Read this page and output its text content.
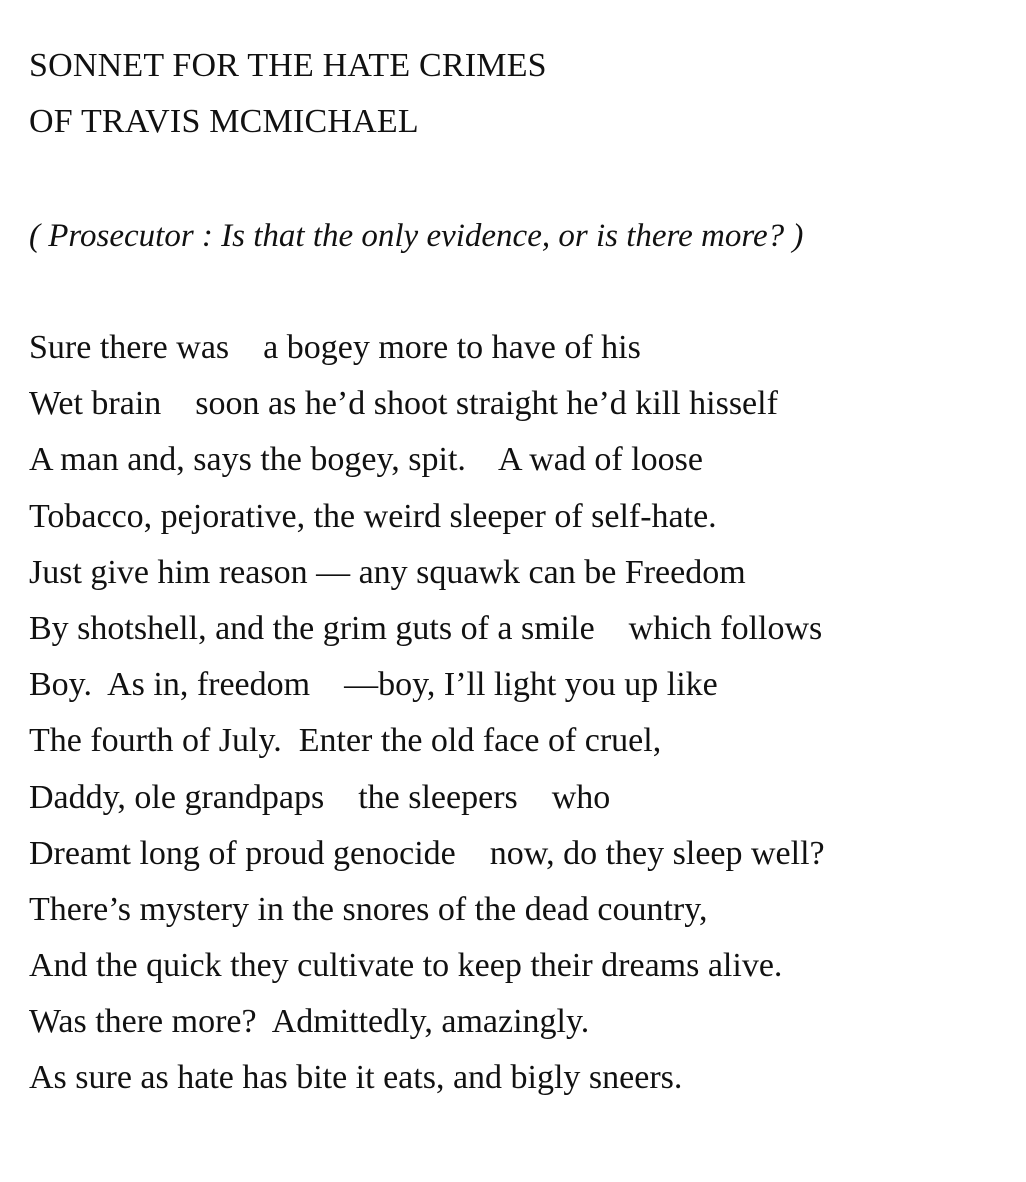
SONNET FOR THE HATE CRIMES
OF TRAVIS MCMICHAEL
( Prosecutor : Is that the only evidence, or is there more? )
Sure there was    a bogey more to have of his
Wet brain    soon as he’d shoot straight he’d kill hisself
A man and, says the bogey, spit.    A wad of loose
Tobacco, pejorative, the weird sleeper of self-hate.
Just give him reason — any squawk can be Freedom
By shotshell, and the grim guts of a smile    which follows
Boy.  As in, freedom    —boy, I’ll light you up like
The fourth of July.  Enter the old face of cruel,
Daddy, ole grandpaps    the sleepers    who
Dreamt long of proud genocide    now, do they sleep well?
There’s mystery in the snores of the dead country,
And the quick they cultivate to keep their dreams alive.
Was there more?  Admittedly, amazingly.
As sure as hate has bite it eats, and bigly sneers.
